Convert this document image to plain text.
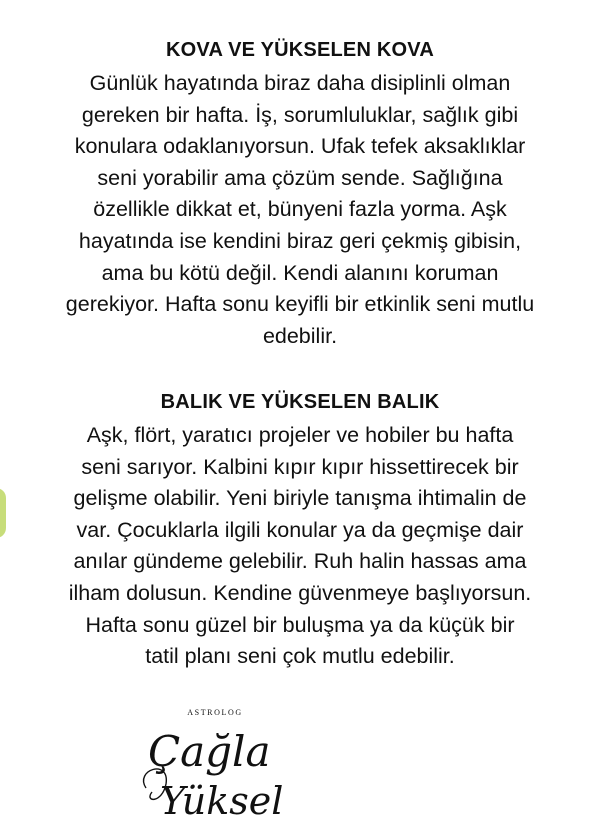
KOVA VE YÜKSELEN KOVA

Günlük hayatında biraz daha disiplinli olman
gereken bir hafta. İş, sorumluluklar, sağlık gibi
konulara odaklanıyorsun. Ufak tefek aksaklıklar
seni yorabilir ama çözüm sende. Sağlığına
özellikle dikkat et, bünyeni fazla yorma. Aşk
hayatında ise kendini biraz geri çekmiş gibisin,
ama bu kötü değil. Kendi alanını koruman
gerekiyor. Hafta sonu keyifli bir etkinlik seni mutlu
edebilir.

BALIK VE YÜKSELEN BALIK

Aşk, flört, yaratıcı projeler ve hobiler bu hafta
seni sarıyor. Kalbini kıpır kıpır hissettirecek bir
gelişme olabilir. Yeni biriyle tanışma ihtimalin de
var. Çocuklarla ilgili konular ya da geçmişe dair
anılar gündeme gelebilir. Ruh halin hassas ama
ilham dolusun. Kendine güvenmeye başlıyorsun.
Hafta sonu güzel bir buluşma ya da küçük bir
tatil planı seni çok mutlu edebilir.

ASTROLOG
Çağla
Yüksel
